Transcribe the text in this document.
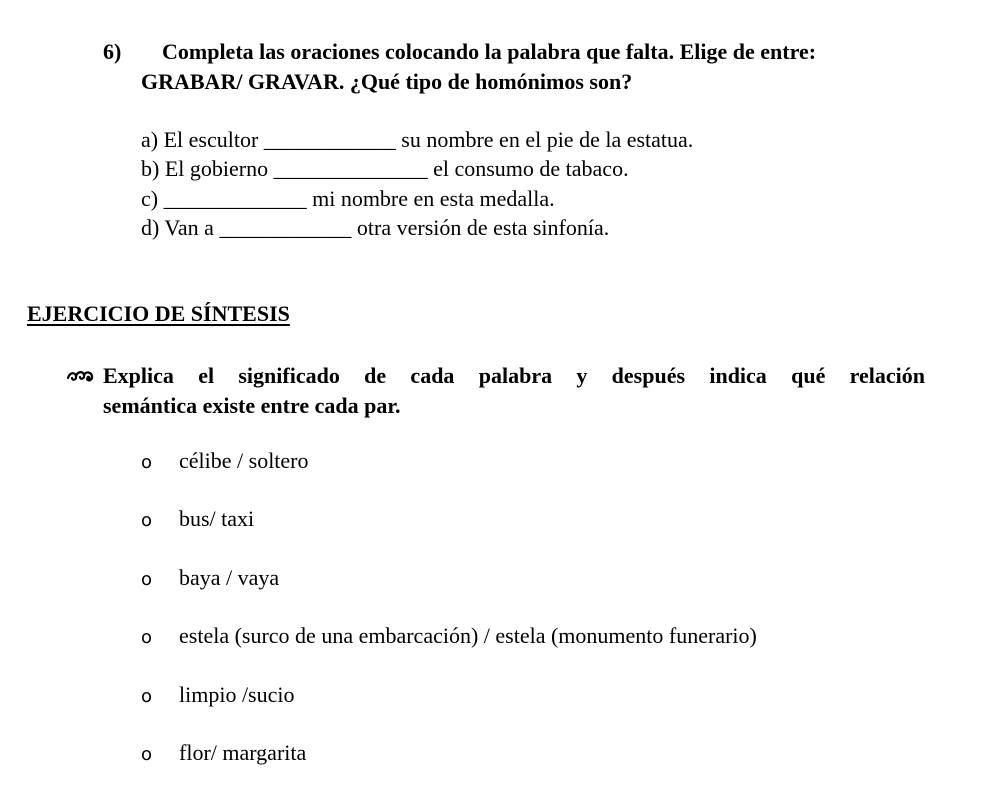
6) Completa las oraciones colocando la palabra que falta. Elige de entre:
GRABAR/ GRAVAR. ¿Qué tipo de homónimos son?
a) El escultor ____________ su nombre en el pie de la estatua.
b) El gobierno ______________ el consumo de tabaco.
c) _____________ mi nombre en esta medalla.
d) Van a ____________ otra versión de esta sinfonía.
EJERCICIO DE SÍNTESIS
Explica el significado de cada palabra y después indica qué relación
semántica existe entre cada par.
o	célibe / soltero
o	bus/ taxi
o	baya / vaya
o	estela (surco de una embarcación) / estela (monumento funerario)
o	limpio /sucio
o	flor/ margarita
